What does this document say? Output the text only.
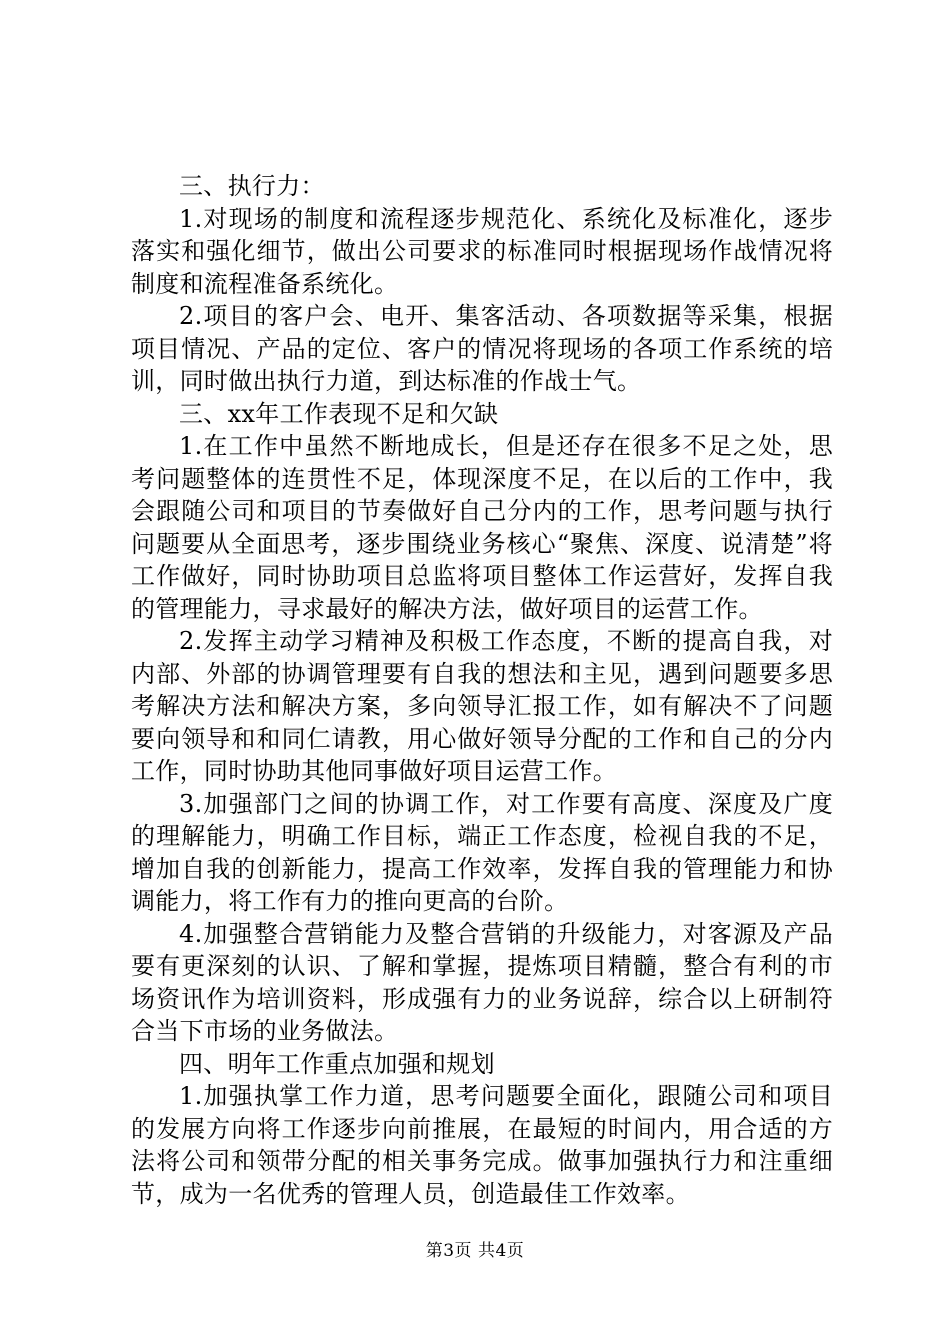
三、执行力：

1.对现场的制度和流程逐步规范化、系统化及标准化，逐步落实和强化细节，做出公司要求的标准同时根据现场作战情况将制度和流程准备系统化。

2.项目的客户会、电开、集客活动、各项数据等采集，根据项目情况、产品的定位、客户的情况将现场的各项工作系统的培训，同时做出执行力道，到达标准的作战士气。

三、xx年工作表现不足和欠缺

1.在工作中虽然不断地成长，但是还存在很多不足之处，思考问题整体的连贯性不足，体现深度不足，在以后的工作中，我会跟随公司和项目的节奏做好自己分内的工作，思考问题与执行问题要从全面思考，逐步围绕业务核心“聚焦、深度、说清楚”将工作做好，同时协助项目总监将项目整体工作运营好，发挥自我的管理能力，寻求最好的解决方法，做好项目的运营工作。

2.发挥主动学习精神及积极工作态度，不断的提高自我，对内部、外部的协调管理要有自我的想法和主见，遇到问题要多思考解决方法和解决方案，多向领导汇报工作，如有解决不了问题要向领导和和同仁请教，用心做好领导分配的工作和自己的分内工作，同时协助其他同事做好项目运营工作。

3.加强部门之间的协调工作，对工作要有高度、深度及广度的理解能力，明确工作目标，端正工作态度，检视自我的不足，增加自我的创新能力，提高工作效率，发挥自我的管理能力和协调能力，将工作有力的推向更高的台阶。

4.加强整合营销能力及整合营销的升级能力，对客源及产品要有更深刻的认识、了解和掌握，提炼项目精髓，整合有利的市场资讯作为培训资料，形成强有力的业务说辞，综合以上研制符合当下市场的业务做法。

四、明年工作重点加强和规划

1.加强执掌工作力道，思考问题要全面化，跟随公司和项目的发展方向将工作逐步向前推展，在最短的时间内，用合适的方法将公司和领带分配的相关事务完成。做事加强执行力和注重细节，成为一名优秀的管理人员，创造最佳工作效率。

第3页 共4页
